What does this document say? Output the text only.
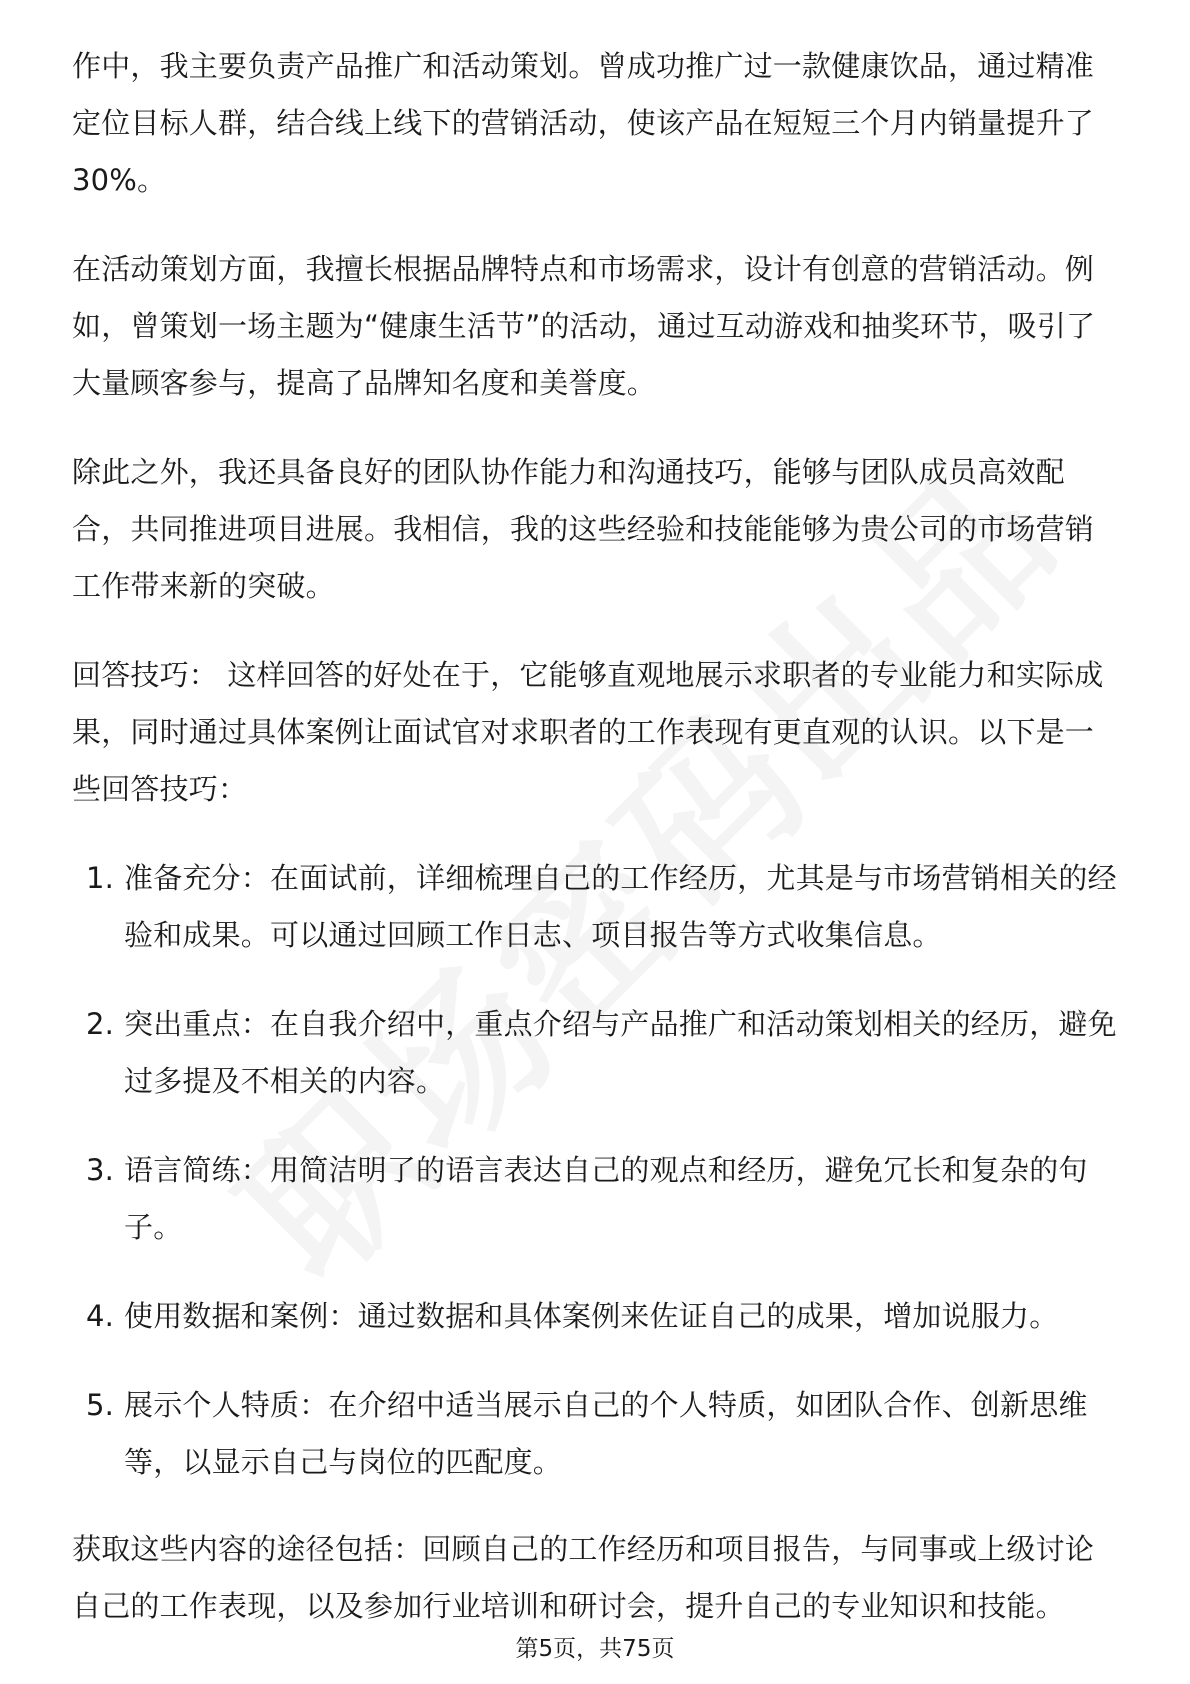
作中，我主要负责产品推广和活动策划。曾成功推广过一款健康饮品，通过精准定位目标人群，结合线上线下的营销活动，使该产品在短短三个月内销量提升了30%。

在活动策划方面，我擅长根据品牌特点和市场需求，设计有创意的营销活动。例如，曾策划一场主题为“健康生活节”的活动，通过互动游戏和抽奖环节，吸引了大量顾客参与，提高了品牌知名度和美誉度。

除此之外，我还具备良好的团队协作能力和沟通技巧，能够与团队成员高效配合，共同推进项目进展。我相信，我的这些经验和技能能够为贵公司的市场营销工作带来新的突破。

回答技巧： 这样回答的好处在于，它能够直观地展示求职者的专业能力和实际成果，同时通过具体案例让面试官对求职者的工作表现有更直观的认识。以下是一些回答技巧：

1. 准备充分：在面试前，详细梳理自己的工作经历，尤其是与市场营销相关的经验和成果。可以通过回顾工作日志、项目报告等方式收集信息。
2. 突出重点：在自我介绍中，重点介绍与产品推广和活动策划相关的经历，避免过多提及不相关的内容。
3. 语言简练：用简洁明了的语言表达自己的观点和经历，避免冗长和复杂的句子。
4. 使用数据和案例：通过数据和具体案例来佐证自己的成果，增加说服力。
5. 展示个人特质：在介绍中适当展示自己的个人特质，如团队合作、创新思维等，以显示自己与岗位的匹配度。

获取这些内容的途径包括：回顾自己的工作经历和项目报告，与同事或上级讨论自己的工作表现，以及参加行业培训和研讨会，提升自己的专业知识和技能。

第5页，共75页
